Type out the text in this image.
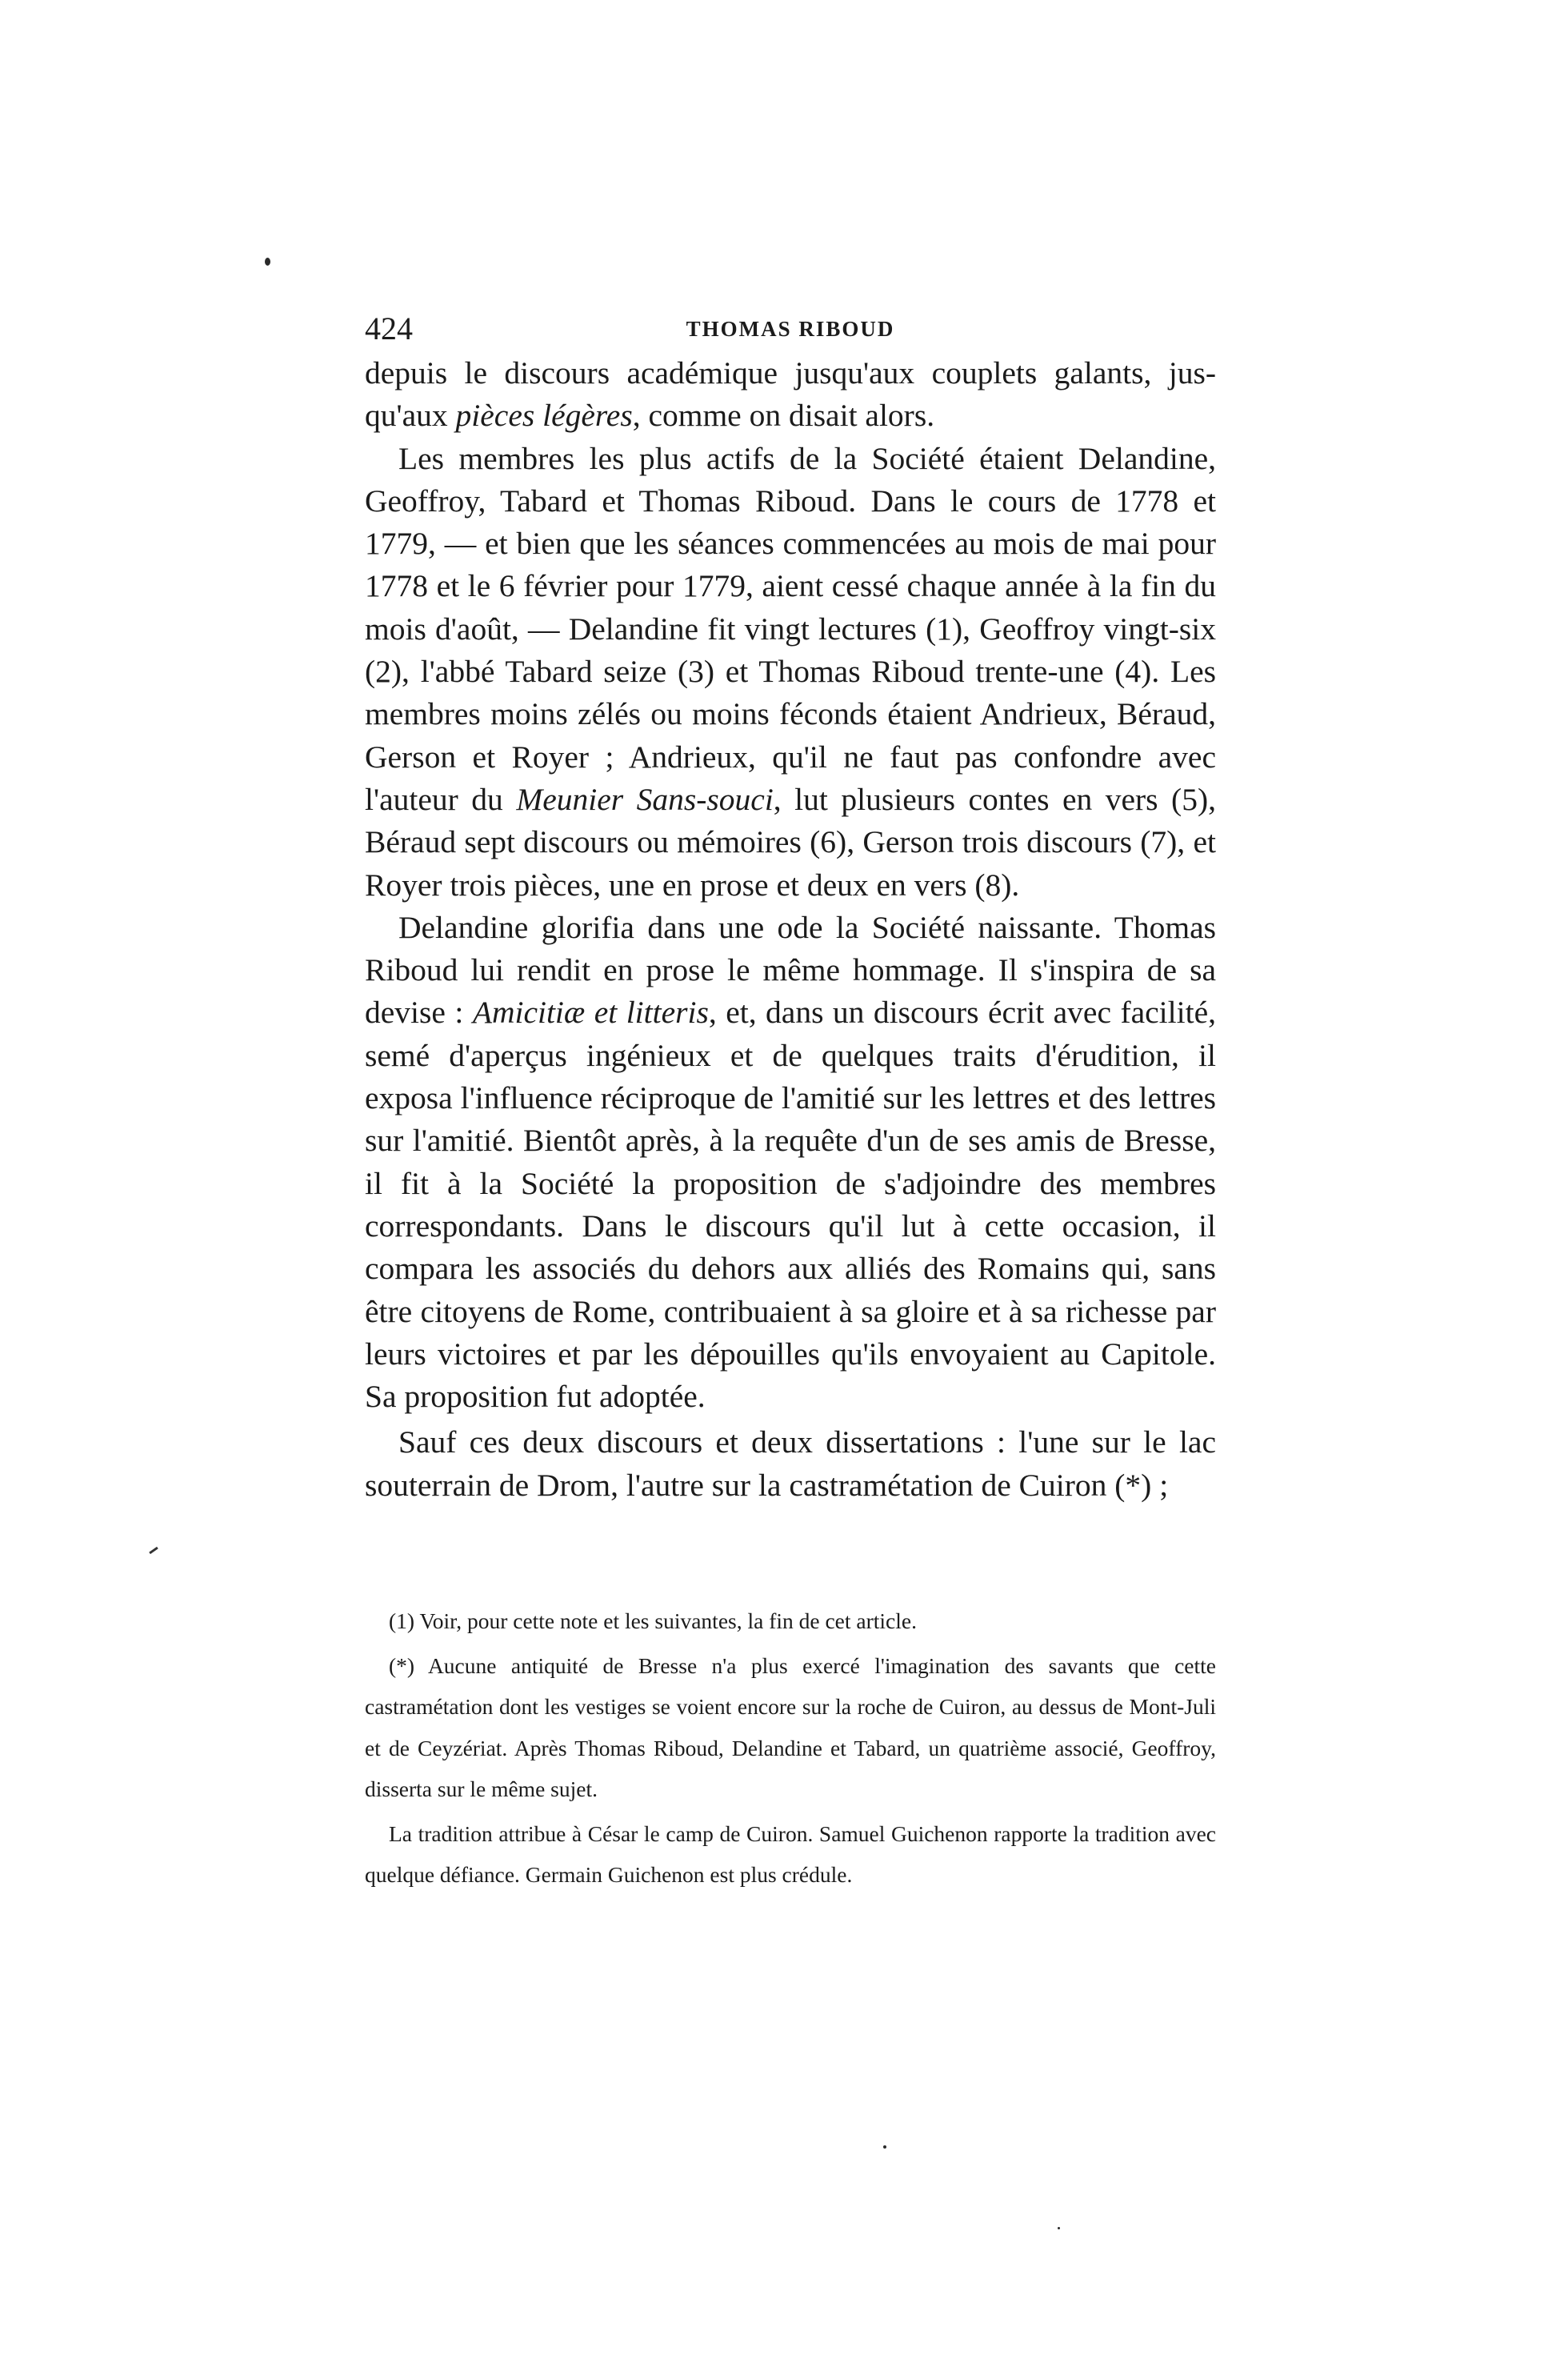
424	THOMAS RIBOUD

depuis le discours académique jusqu'aux couplets galants, jus-qu'aux pièces légères, comme on disait alors.

Les membres les plus actifs de la Société étaient Delandine, Geoffroy, Tabard et Thomas Riboud. Dans le cours de 1778 et 1779, — et bien que les séances commencées au mois de mai pour 1778 et le 6 février pour 1779, aient cessé chaque année à la fin du mois d'août, — Delandine fit vingt lectures (1), Geoffroy vingt-six (2), l'abbé Tabard seize (3) et Thomas Riboud trente-une (4). Les membres moins zélés ou moins féconds étaient Andrieux, Béraud, Gerson et Royer ; Andrieux, qu'il ne faut pas confondre avec l'auteur du Meunier Sans-souci, lut plusieurs contes en vers (5), Béraud sept discours ou mémoires (6), Gerson trois discours (7), et Royer trois pièces, une en prose et deux en vers (8).

Delandine glorifia dans une ode la Société naissante. Thomas Riboud lui rendit en prose le même hommage. Il s'inspira de sa devise : Amicitiæ et litteris, et, dans un discours écrit avec facilité, semé d'aperçus ingénieux et de quelques traits d'érudition, il exposa l'influence réciproque de l'amitié sur les lettres et des lettres sur l'amitié. Bientôt après, à la requête d'un de ses amis de Bresse, il fit à la Société la proposition de s'adjoindre des membres correspondants. Dans le discours qu'il lut à cette occasion, il compara les associés du dehors aux alliés des Romains qui, sans être citoyens de Rome, contribuaient à sa gloire et à sa richesse par leurs victoires et par les dépouilles qu'ils envoyaient au Capitole. Sa proposition fut adoptée.

Sauf ces deux discours et deux dissertations : l'une sur le lac souterrain de Drom, l'autre sur la castramétation de Cuiron (*) ;

(1) Voir, pour cette note et les suivantes, la fin de cet article.

(*) Aucune antiquité de Bresse n'a plus exercé l'imagination des savants que cette castramétation dont les vestiges se voient encore sur la roche de Cuiron, au dessus de Mont-Juli et de Ceyzériat. Après Thomas Riboud, Delandine et Tabard, un quatrième associé, Geoffroy, disserta sur le même sujet.

La tradition attribue à César le camp de Cuiron. Samuel Guichenon rapporte la tradition avec quelque défiance. Germain Guichenon est plus crédule.
